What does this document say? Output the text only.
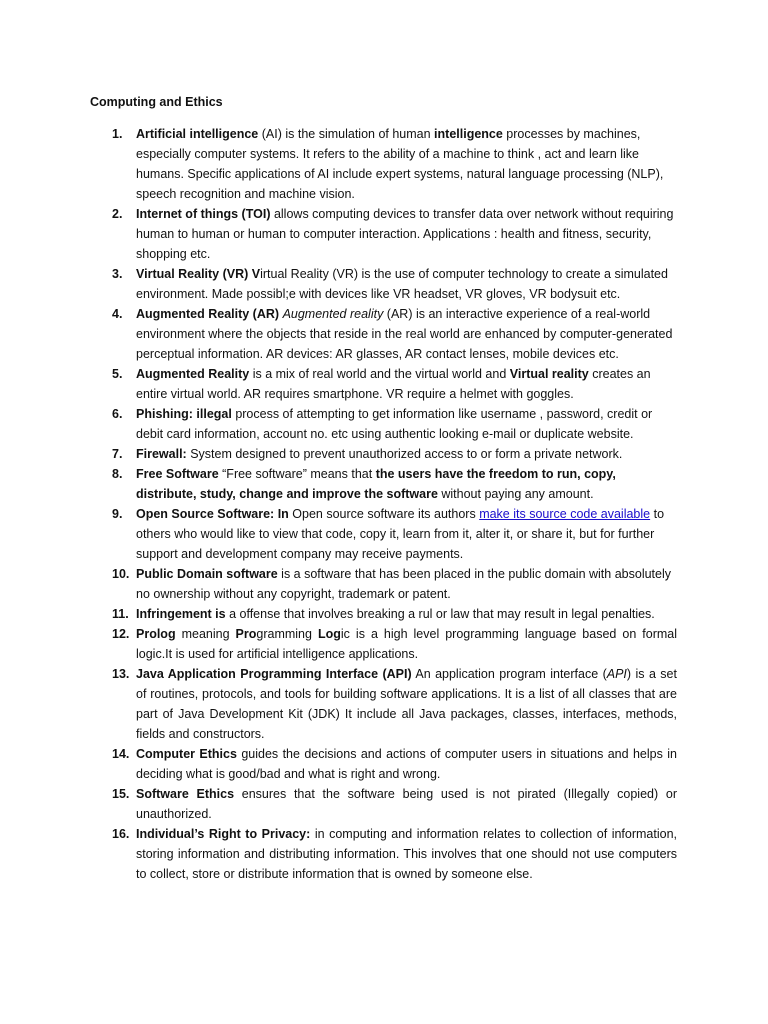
Computing and Ethics
1.	Artificial intelligence (AI) is the simulation of human intelligence processes by machines, especially computer systems. It refers to the ability of a machine to think , act and learn like humans. Specific applications of AI include expert systems, natural language processing (NLP), speech recognition and machine vision.
2.	Internet of things (TOI) allows computing devices to transfer data over network without requiring human to human or human to computer interaction. Applications : health and fitness, security, shopping etc.
3.	Virtual Reality (VR) Virtual Reality (VR) is the use of computer technology to create a simulated environment. Made possibl;e with devices like VR headset, VR gloves, VR bodysuit etc.
4.	Augmented Reality (AR) Augmented reality (AR) is an interactive experience of a real-world environment where the objects that reside in the real world are enhanced by computer-generated perceptual information. AR devices: AR glasses, AR contact lenses, mobile devices etc.
5.	Augmented Reality is a mix of real world and the virtual world and Virtual reality creates an entire virtual world. AR requires smartphone. VR require a helmet with goggles.
6.	Phishing: illegal process of attempting to get information like username , password, credit or debit card information, account no. etc using authentic looking e-mail or duplicate website.
7.	Firewall: System designed to prevent unauthorized access to or form a private network.
8.	Free Software “Free software” means that the users have the freedom to run, copy, distribute, study, change and improve the software without paying any amount.
9.	Open Source Software: In Open source software its authors make its source code available to others who would like to view that code, copy it, learn from it, alter it, or share it, but for further support and development company may receive payments.
10. Public Domain software is a software that has been placed in the public domain with absolutely no ownership without any copyright, trademark or patent.
11. Infringement is a offense that involves breaking a rul or law that may result in legal penalties.
12. Prolog meaning Programming Logic is a high level programming language based on formal logic.It is used for artificial intelligence applications.
13. Java Application Programming Interface (API) An application program interface (API) is a set of routines, protocols, and tools for building software applications. It is a list of all classes that are part of Java Development Kit (JDK) It include all Java packages, classes, interfaces, methods, fields and constructors.
14. Computer Ethics guides the decisions and actions of computer users in situations and helps in deciding what is good/bad and what is right and wrong.
15. Software Ethics ensures that the software being used is not pirated (Illegally copied) or unauthorized.
16. Individual’s Right to Privacy: in computing and information relates to collection of information, storing information and distributing information. This involves that one should not use computers to collect, store or distribute information that is owned by someone else.
